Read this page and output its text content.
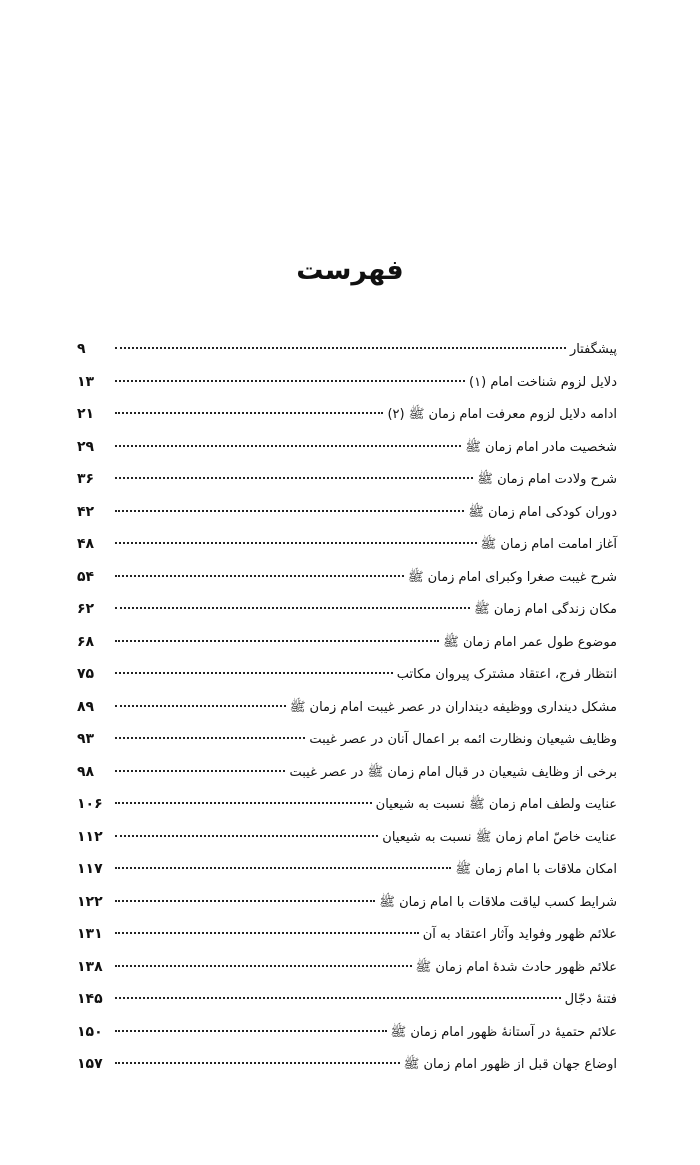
فهرست
پیشگفتار
۹
دلایل لزوم شناخت امام (۱)
۱۳
ادامه دلایل لزوم معرفت امام زمان ﷺ (۲)
۲۱
شخصیت مادر امام زمان ﷺ
۲۹
شرح ولادت امام زمان ﷺ
۳۶
دوران کودکی امام زمان ﷺ
۴۲
آغاز امامت امام زمان ﷺ
۴۸
شرح غیبت صغرا وکبرای امام زمان ﷺ
۵۴
مکان زندگی امام زمان ﷺ
۶۲
موضوع طول عمر امام زمان ﷺ
۶۸
انتظار فرج، اعتقاد مشترک پیروان مکاتب
۷۵
مشکل دینداری ووظیفه دینداران در عصر غیبت امام زمان ﷺ
۸۹
وظایف شیعیان ونظارت ائمه بر اعمال آنان در عصر غیبت
۹۳
برخی از وظایف شیعیان در قبال امام زمان ﷺ در عصر غیبت
۹۸
عنایت ولطف امام زمان ﷺ نسبت به شیعیان
۱۰۶
عنایت خاصّ امام زمان ﷺ نسبت به شیعیان
۱۱۲
امکان ملاقات با امام زمان ﷺ
۱۱۷
شرایط کسب لیاقت ملاقات با امام زمان ﷺ
۱۲۲
علائم ظهور وفواید وآثار اعتقاد به آن
۱۳۱
علائم ظهور حادث شدۀ امام زمان ﷺ
۱۳۸
فتنۀ دجّال
۱۴۵
علائم حتمیۀ در آستانۀ ظهور امام زمان ﷺ
۱۵۰
اوضاع جهان قبل از ظهور امام زمان ﷺ
۱۵۷
